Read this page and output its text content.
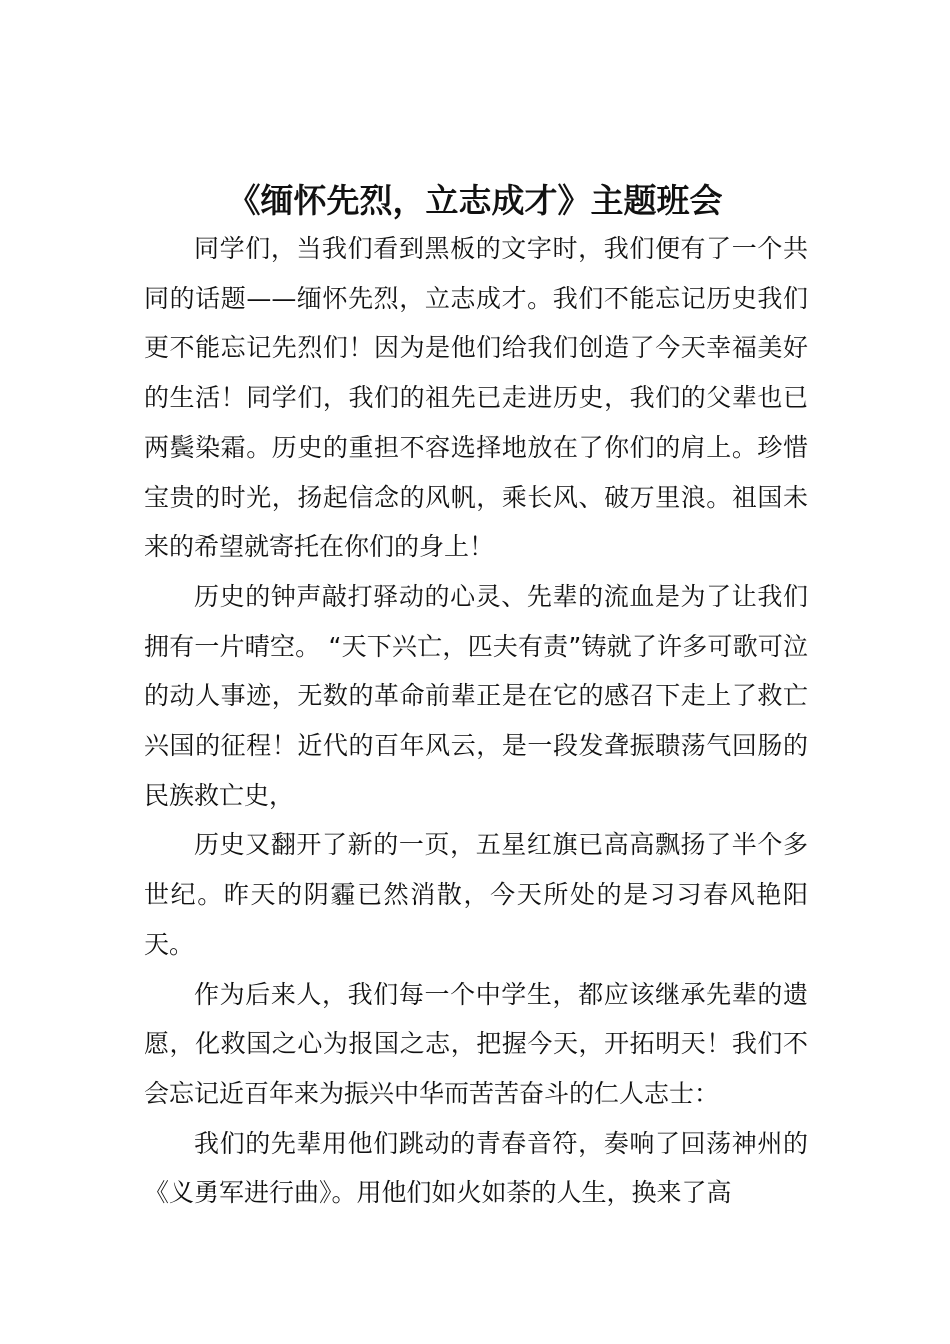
《缅怀先烈，立志成才》主题班会

同学们，当我们看到黑板的文字时，我们便有了一个共同的话题——缅怀先烈，立志成才。我们不能忘记历史我们更不能忘记先烈们！因为是他们给我们创造了今天幸福美好的生活！同学们，我们的祖先已走进历史，我们的父辈也已两鬓染霜。历史的重担不容选择地放在了你们的肩上。珍惜宝贵的时光，扬起信念的风帆，乘长风、破万里浪。祖国未来的希望就寄托在你们的身上！

历史的钟声敲打驿动的心灵、先辈的流血是为了让我们拥有一片晴空。 “天下兴亡，匹夫有责”铸就了许多可歌可泣的动人事迹，无数的革命前辈正是在它的感召下走上了救亡兴国的征程！近代的百年风云，是一段发聋振聩荡气回肠的民族救亡史，

历史又翻开了新的一页，五星红旗已高高飘扬了半个多世纪。昨天的阴霾已然消散，今天所处的是习习春风艳阳天。

作为后来人，我们每一个中学生，都应该继承先辈的遗愿，化救国之心为报国之志，把握今天，开拓明天！我们不会忘记近百年来为振兴中华而苦苦奋斗的仁人志士：

我们的先辈用他们跳动的青春音符，奏响了回荡神州的《义勇军进行曲》。用他们如火如荼的人生，换来了高
